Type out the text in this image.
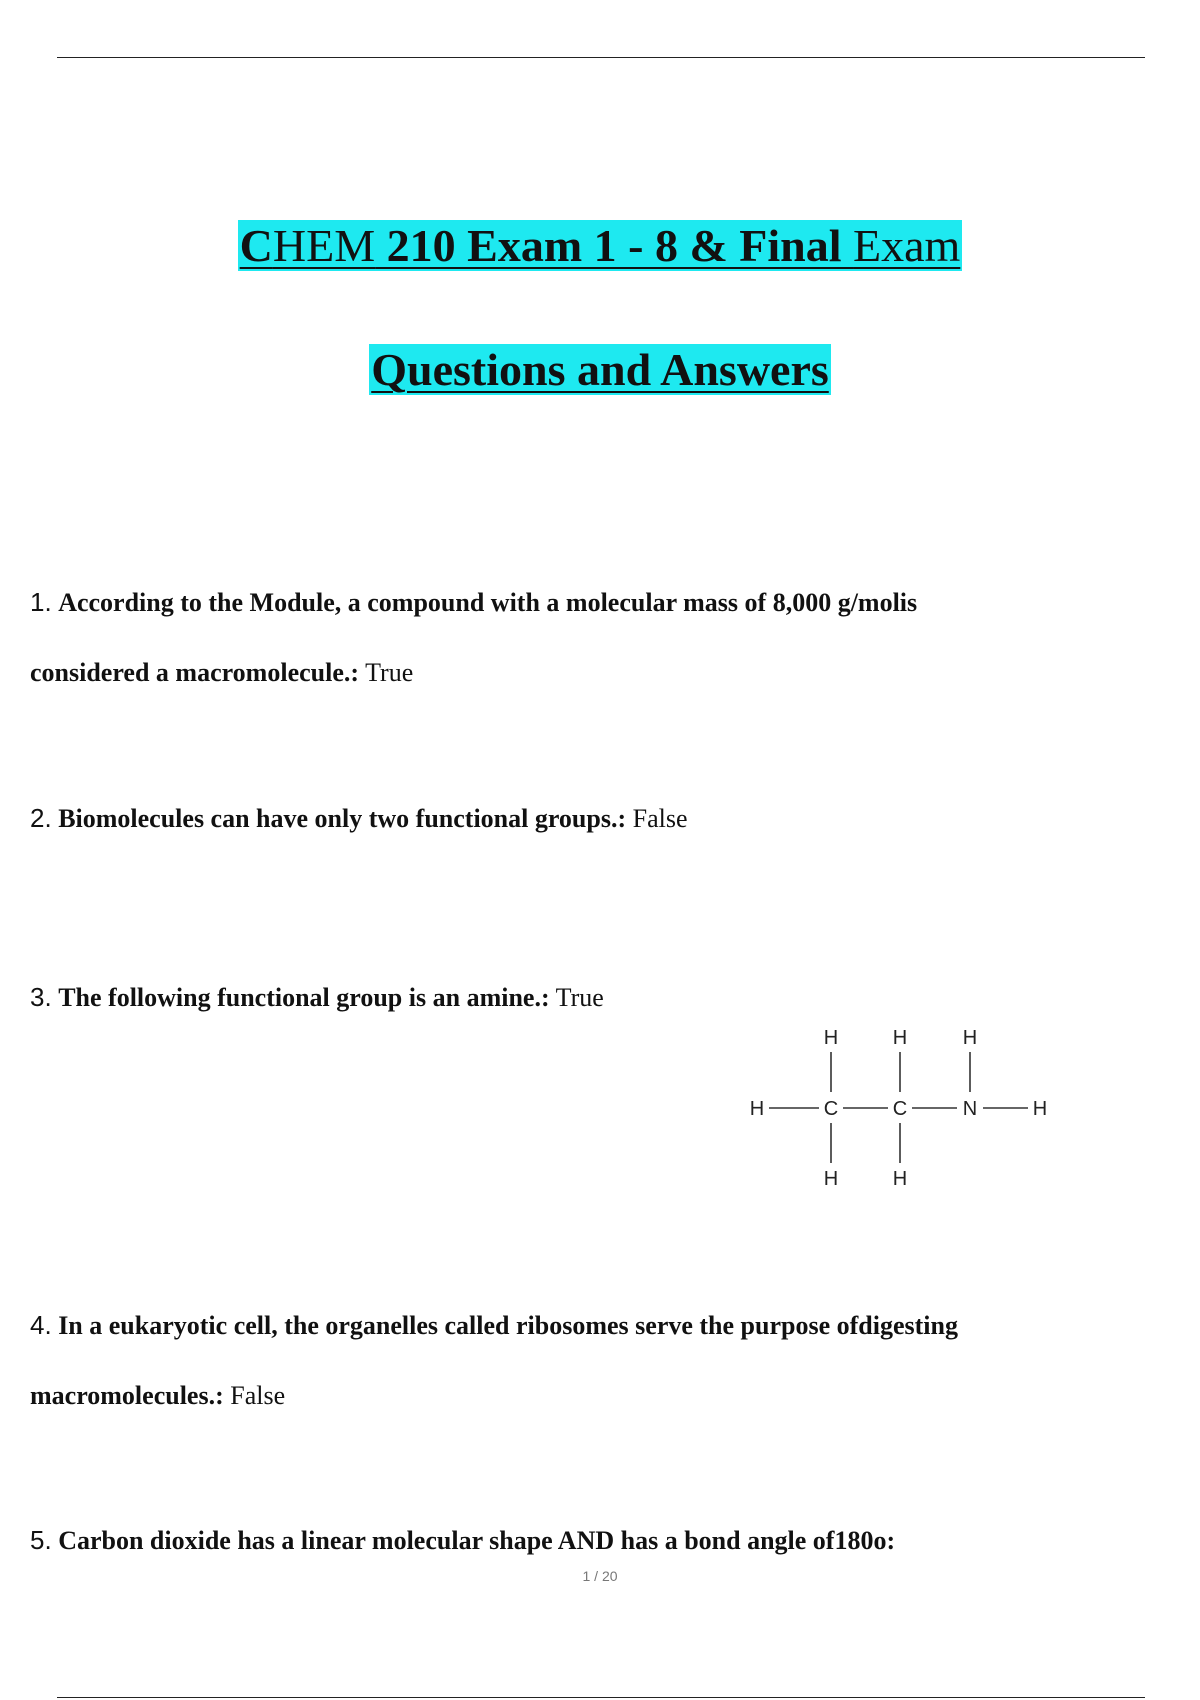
CHEM 210 Exam 1 - 8 & Final Exam
Questions and Answers
1. According to the Module, a compound with a molecular mass of 8,000 g/molis
considered a macromolecule.: True
2. Biomolecules can have only two functional groups.: False
3. The following functional group is an amine.: True
H	C	C	N	H
H	H	H
H	H
4. In a eukaryotic cell, the organelles called ribosomes serve the purpose ofdigesting
macromolecules.: False
5. Carbon dioxide has a linear molecular shape AND has a bond angle of180o:
1 / 20
